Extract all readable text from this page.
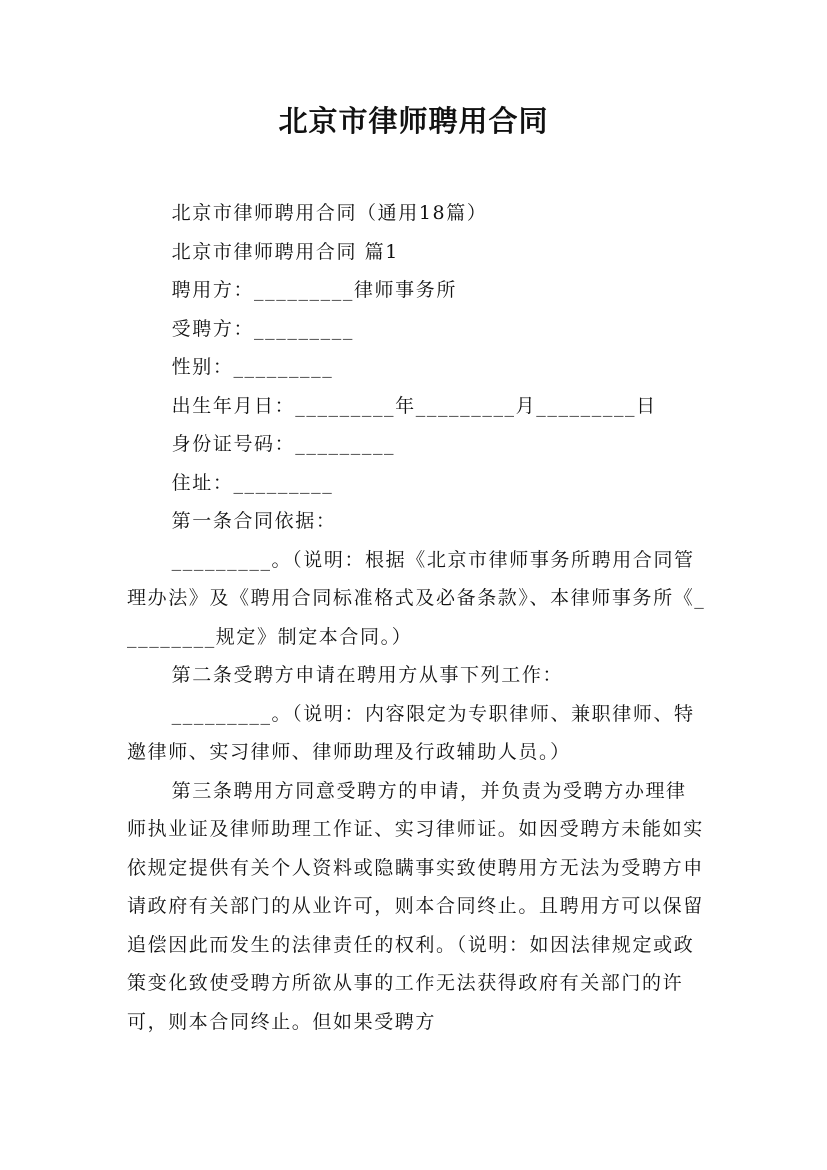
北京市律师聘用合同

北京市律师聘用合同（通用18篇）

北京市律师聘用合同 篇1

聘用方：_________律师事务所

受聘方：_________

性别：_________

出生年月日：_________年_________月_________日

身份证号码：_________

住址：_________

第一条合同依据：

_________。（说明：根据《北京市律师事务所聘用合同管理办法》及《聘用合同标准格式及必备条款》、本律师事务所《_________规定》制定本合同。）

第二条受聘方申请在聘用方从事下列工作：

_________。（说明：内容限定为专职律师、兼职律师、特邀律师、实习律师、律师助理及行政辅助人员。）

第三条聘用方同意受聘方的申请，并负责为受聘方办理律师执业证及律师助理工作证、实习律师证。如因受聘方未能如实依规定提供有关个人资料或隐瞒事实致使聘用方无法为受聘方申请政府有关部门的从业许可，则本合同终止。且聘用方可以保留追偿因此而发生的法律责任的权利。（说明：如因法律规定或政策变化致使受聘方所欲从事的工作无法获得政府有关部门的许可，则本合同终止。但如果受聘方
